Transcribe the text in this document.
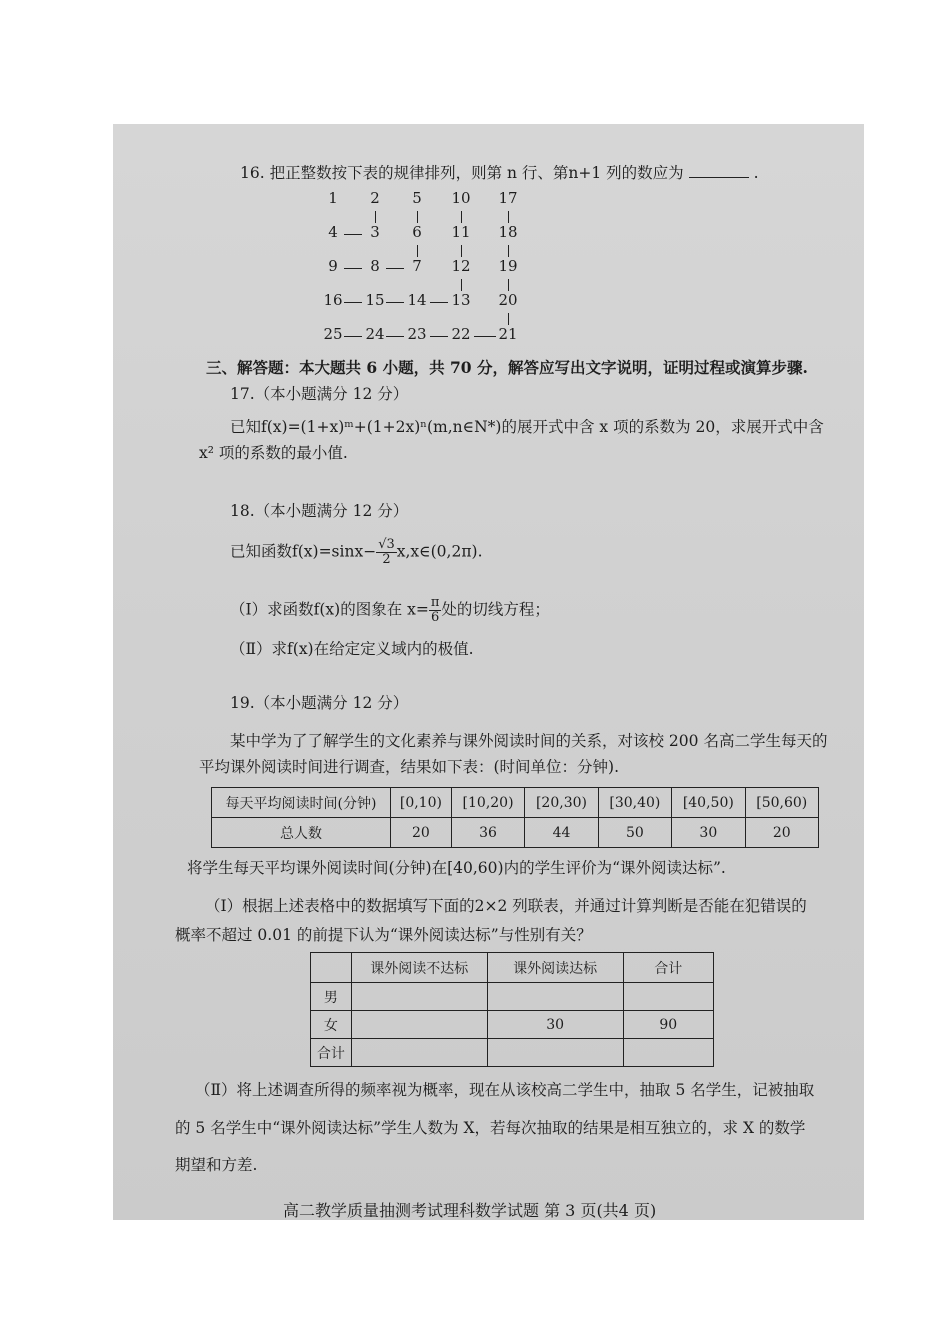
16. 把正整数按下表的规律排列，则第 n 行、第n+1 列的数应为	.
1	2	5	10	17
4	3	6	11	18
9	8	7	12	19
16	15	14	13	20
25	24	23	22	21
三、解答题：本大题共 6 小题，共 70 分，解答应写出文字说明，证明过程或演算步骤.
17.（本小题满分 12 分）
已知f(x)=(1+x)ᵐ+(1+2x)ⁿ(m,n∈N*)的展开式中含 x 项的系数为 20，求展开式中含
x² 项的系数的最小值.
18.（本小题满分 12 分）
已知函数$f(x)=\sin x- \frac{√3}{2}$ x,x∈(0,2π).
（Ⅰ）求函数f(x)的图象在 $x= \frac{\pi}{6}$ 处的切线方程；
（Ⅱ）求f(x)在给定定义域内的极值.
19.（本小题满分 12 分）
某中学为了了解学生的文化素养与课外阅读时间的关系，对该校 200 名高二学生每天的
平均课外阅读时间进行调查，结果如下表：(时间单位：分钟).
每天平均阅读时间(分钟)	[0,10)	[10,20)	[20,30)	[30,40)	[40,50)	[50,60)
总人数	20	36	44	50	30	20
将学生每天平均课外阅读时间(分钟)在[40,60)内的学生评价为“课外阅读达标”.
（Ⅰ）根据上述表格中的数据填写下面的2×2 列联表，并通过计算判断是否能在犯错误的
概率不超过 0.01 的前提下认为“课外阅读达标”与性别有关？
	课外阅读不达标	课外阅读达标	合计
男			
女		30	90
合计			
（Ⅱ）将上述调查所得的频率视为概率，现在从该校高二学生中，抽取 5 名学生，记被抽取
的 5 名学生中“课外阅读达标”学生人数为 X，若每次抽取的结果是相互独立的，求 X 的数学
期望和方差.
高二教学质量抽测考试理科数学试题 第 3 页(共4 页)
